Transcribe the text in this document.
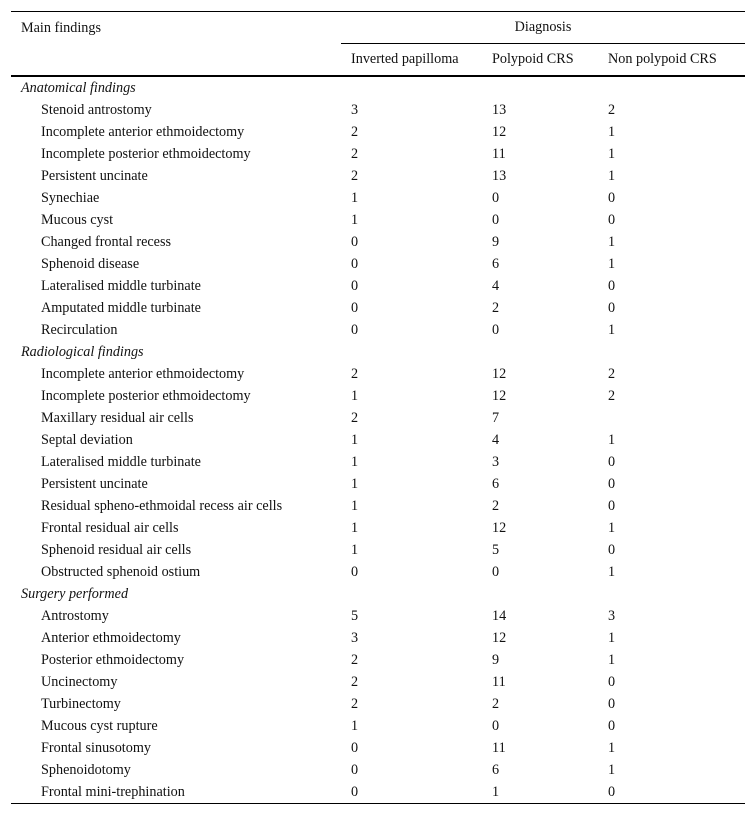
Main findings	Diagnosis		
	Inverted papilloma	Polypoid CRS	Non polypoid CRS
Anatomical findings			
Stenoid antrostomy	3	13	2
Incomplete anterior ethmoidectomy	2	12	1
Incomplete posterior ethmoidectomy	2	11	1
Persistent uncinate	2	13	1
Synechiae	1	0	0
Mucous cyst	1	0	0
Changed frontal recess	0	9	1
Sphenoid disease	0	6	1
Lateralised middle turbinate	0	4	0
Amputated middle turbinate	0	2	0
Recirculation	0	0	1
Radiological findings			
Incomplete anterior ethmoidectomy	2	12	2
Incomplete posterior ethmoidectomy	1	12	2
Maxillary residual air cells	2	7	
Septal deviation	1	4	1
Lateralised middle turbinate	1	3	0
Persistent uncinate	1	6	0
Residual spheno-ethmoidal recess air cells	1	2	0
Frontal residual air cells	1	12	1
Sphenoid residual air cells	1	5	0
Obstructed sphenoid ostium	0	0	1
Surgery performed			
Antrostomy	5	14	3
Anterior ethmoidectomy	3	12	1
Posterior ethmoidectomy	2	9	1
Uncinectomy	2	11	0
Turbinectomy	2	2	0
Mucous cyst rupture	1	0	0
Frontal sinusotomy	0	11	1
Sphenoidotomy	0	6	1
Frontal mini-trephination	0	1	0
